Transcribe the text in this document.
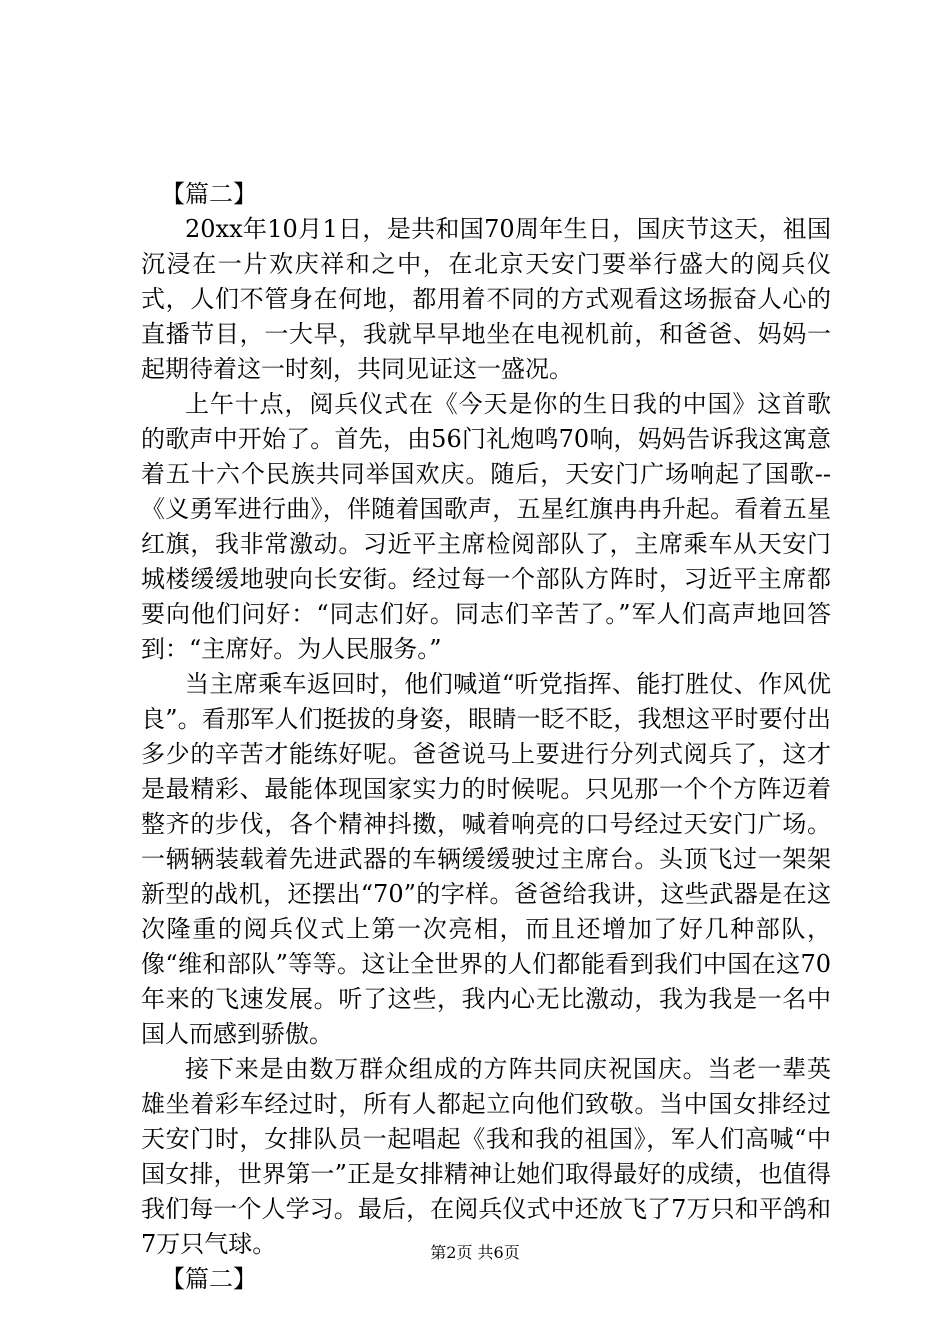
【篇二】

20xx年10月1日，是共和国70周年生日，国庆节这天，祖国沉浸在一片欢庆祥和之中，在北京天安门要举行盛大的阅兵仪式，人们不管身在何地，都用着不同的方式观看这场振奋人心的直播节目，一大早，我就早早地坐在电视机前，和爸爸、妈妈一起期待着这一时刻，共同见证这一盛况。

上午十点，阅兵仪式在《今天是你的生日我的中国》这首歌的歌声中开始了。首先，由56门礼炮鸣70响，妈妈告诉我这寓意着五十六个民族共同举国欢庆。随后，天安门广场响起了国歌--《义勇军进行曲》，伴随着国歌声，五星红旗冉冉升起。看着五星红旗，我非常激动。习近平主席检阅部队了，主席乘车从天安门城楼缓缓地驶向长安街。经过每一个部队方阵时，习近平主席都要向他们问好：“同志们好。同志们辛苦了。”军人们高声地回答到：“主席好。为人民服务。”

当主席乘车返回时，他们喊道“听党指挥、能打胜仗、作风优良”。看那军人们挺拔的身姿，眼睛一眨不眨，我想这平时要付出多少的辛苦才能练好呢。爸爸说马上要进行分列式阅兵了，这才是最精彩、最能体现国家实力的时候呢。只见那一个个方阵迈着整齐的步伐，各个精神抖擞，喊着响亮的口号经过天安门广场。一辆辆装载着先进武器的车辆缓缓驶过主席台。头顶飞过一架架新型的战机，还摆出“70”的字样。爸爸给我讲，这些武器是在这次隆重的阅兵仪式上第一次亮相，而且还增加了好几种部队，像“维和部队”等等。这让全世界的人们都能看到我们中国在这70年来的飞速发展。听了这些，我内心无比激动，我为我是一名中国人而感到骄傲。

接下来是由数万群众组成的方阵共同庆祝国庆。当老一辈英雄坐着彩车经过时，所有人都起立向他们致敬。当中国女排经过天安门时，女排队员一起唱起《我和我的祖国》，军人们高喊“中国女排，世界第一”正是女排精神让她们取得最好的成绩，也值得我们每一个人学习。最后，在阅兵仪式中还放飞了7万只和平鸽和7万只气球。

【篇二】
第2页 共6页
